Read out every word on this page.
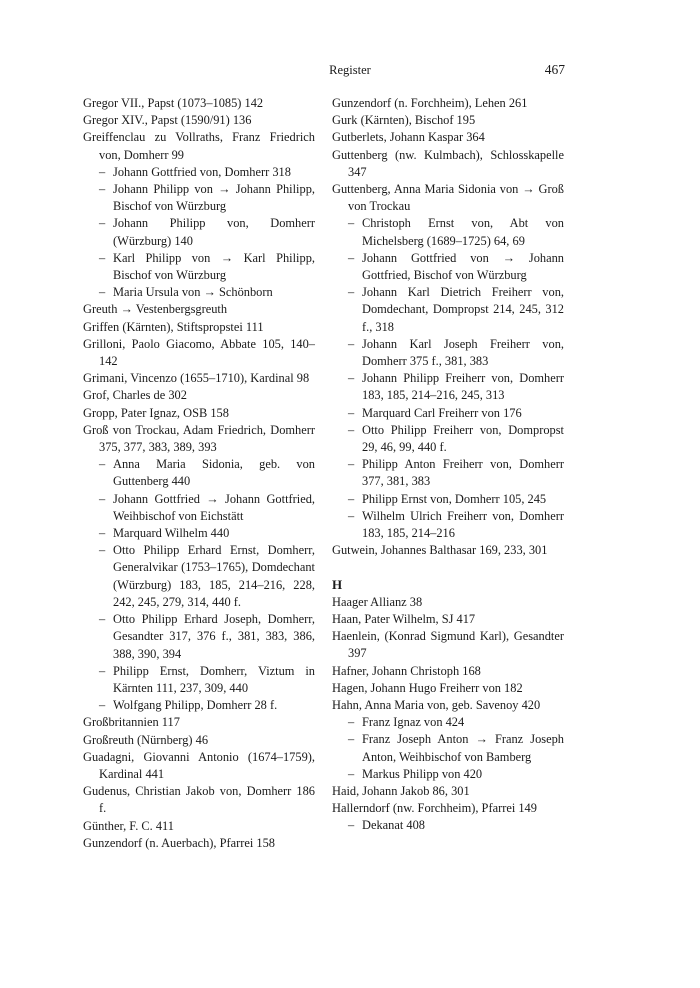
Register	467
Gregor VII., Papst (1073–1085) 142
Gregor XIV., Papst (1590/91) 136
Greiffenclau zu Vollraths, Franz Friedrich von, Domherr 99
– Johann Gottfried von, Domherr 318
– Johann Philipp von → Johann Philipp, Bischof von Würzburg
– Johann Philipp von, Domherr (Würzburg) 140
– Karl Philipp von → Karl Philipp, Bischof von Würzburg
– Maria Ursula von → Schönborn
Greuth → Vestenbergsgreuth
Griffen (Kärnten), Stiftspropstei 111
Grilloni, Paolo Giacomo, Abbate 105, 140–142
Grimani, Vincenzo (1655–1710), Kardinal 98
Grof, Charles de 302
Gropp, Pater Ignaz, OSB 158
Groß von Trockau, Adam Friedrich, Domherr 375, 377, 383, 389, 393
– Anna Maria Sidonia, geb. von Guttenberg 440
– Johann Gottfried → Johann Gottfried, Weihbischof von Eichstätt
– Marquard Wilhelm 440
– Otto Philipp Erhard Ernst, Domherr, Generalvikar (1753–1765), Domdechant (Würzburg) 183, 185, 214–216, 228, 242, 245, 279, 314, 440 f.
– Otto Philipp Erhard Joseph, Domherr, Gesandter 317, 376 f., 381, 383, 386, 388, 390, 394
– Philipp Ernst, Domherr, Viztum in Kärnten 111, 237, 309, 440
– Wolfgang Philipp, Domherr 28 f.
Großbritannien 117
Großreuth (Nürnberg) 46
Guadagni, Giovanni Antonio (1674–1759), Kardinal 441
Gudenus, Christian Jakob von, Domherr 186 f.
Günther, F. C. 411
Gunzendorf (n. Auerbach), Pfarrei 158
Gunzendorf (n. Forchheim), Lehen 261
Gurk (Kärnten), Bischof 195
Gutberlets, Johann Kaspar 364
Guttenberg (nw. Kulmbach), Schlosskapelle 347
Guttenberg, Anna Maria Sidonia von → Groß von Trockau
– Christoph Ernst von, Abt von Michelsberg (1689–1725) 64, 69
– Johann Gottfried von → Johann Gottfried, Bischof von Würzburg
– Johann Karl Dietrich Freiherr von, Domdechant, Dompropst 214, 245, 312 f., 318
– Johann Karl Joseph Freiherr von, Domherr 375 f., 381, 383
– Johann Philipp Freiherr von, Domherr 183, 185, 214–216, 245, 313
– Marquard Carl Freiherr von 176
– Otto Philipp Freiherr von, Dompropst 29, 46, 99, 440 f.
– Philipp Anton Freiherr von, Domherr 377, 381, 383
– Philipp Ernst von, Domherr 105, 245
– Wilhelm Ulrich Freiherr von, Domherr 183, 185, 214–216
Gutwein, Johannes Balthasar 169, 233, 301
H
Haager Allianz 38
Haan, Pater Wilhelm, SJ 417
Haenlein, (Konrad Sigmund Karl), Gesandter 397
Hafner, Johann Christoph 168
Hagen, Johann Hugo Freiherr von 182
Hahn, Anna Maria von, geb. Savenoy 420
– Franz Ignaz von 424
– Franz Joseph Anton → Franz Joseph Anton, Weihbischof von Bamberg
– Markus Philipp von 420
Haid, Johann Jakob 86, 301
Hallerndorf (nw. Forchheim), Pfarrei 149
– Dekanat 408
